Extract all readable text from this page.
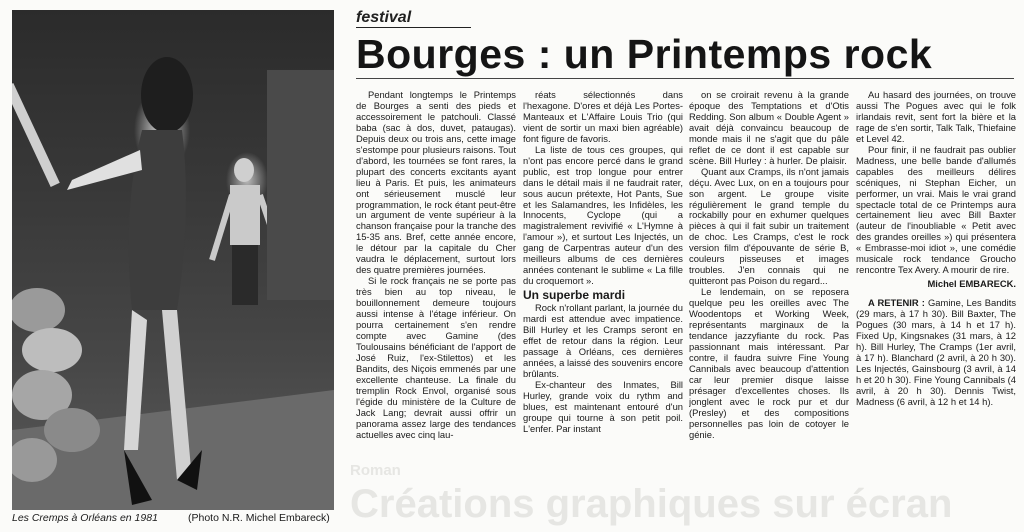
Les Cremps à Orléans en 1981	(Photo N.R. Michel Embareck)
festival
Bourges : un Printemps rock

Pendant longtemps le Printemps de Bourges a senti des pieds et accessoirement le patchouli. Classé baba (sac à dos, duvet, pataugas). Depuis deux ou trois ans, cette image s'estompe pour plusieurs raisons. Tout d'abord, les tournées se font rares, la plupart des concerts excitants ayant lieu à Paris. Et puis, les animateurs ont sérieusement musclé leur programmation, le rock étant peut-être un argument de vente supérieur à la chanson française pour la tranche des 15-35 ans. Bref, cette année encore, le détour par la capitale du Cher vaudra le déplacement, surtout lors des quatre premières journées.

Si le rock français ne se porte pas très bien au top niveau, le bouillonnement demeure toujours aussi intense à l'étage inférieur. On pourra certainement s'en rendre compte avec Gamine (des Toulousains bénéficiant de l'apport de José Ruiz, l'ex-Stilettos) et les Bandits, des Niçois emmenés par une excellente chanteuse. La finale du tremplin Rock Envol, organisé sous l'égide du ministère de la Culture de Jack Lang; devrait aussi offrir un panorama assez large des tendances actuelles avec cinq lau-

réats sélectionnés dans l'hexagone. D'ores et déjà Les Portes-Manteaux et L'Affaire Louis Trio (qui vient de sortir un maxi bien agréable) font figure de favoris.

La liste de tous ces groupes, qui n'ont pas encore percé dans le grand public, est trop longue pour entrer dans le détail mais il ne faudrait rater, sous aucun prétexte, Hot Pants, Sue et les Salamandres, les Infidèles, les Innocents, Cyclope (qui a magistralement revivifié « L'Hymne à l'amour »), et surtout Les Injectés, un gang de Carpentras auteur d'un des meilleurs albums de ces dernières années contenant le sublime « La fille du croquemort ».

Un superbe mardi

Rock n'rollant parlant, la journée du mardi est attendue avec impatience. Bill Hurley et les Cramps seront en effet de retour dans la région. Leur passage à Orléans, ces dernières années, a laissé des souvenirs encore brûlants.

Ex-chanteur des Inmates, Bill Hurley, grande voix du rythm and blues, est maintenant entouré d'un groupe qui tourne à son petit poil. L'enfer. Par instant

on se croirait revenu à la grande époque des Temptations et d'Otis Redding. Son album « Double Agent » avait déjà convaincu beaucoup de monde mais il ne s'agit que du pâle reflet de ce dont il est capable sur scène. Bill Hurley : à hurler. De plaisir.

Quant aux Cramps, ils n'ont jamais déçu. Avec Lux, on en a toujours pour son argent. Le groupe visite régulièrement le grand temple du rockabilly pour en exhumer quelques pièces à qui il fait subir un traitement de choc. Les Cramps, c'est le rock version film d'épouvante de série B, couleurs pisseuses et images troubles. J'en connais qui ne quitteront pas Poison du regard...

Le lendemain, on se reposera quelque peu les oreilles avec The Woodentops et Working Week, représentants marginaux de la tendance jazzyfiante du rock. Pas passionnant mais intéressant. Par contre, il faudra suivre Fine Young Cannibals avec beaucoup d'attention car leur premier disque laisse présager d'excellentes choses. Ils jonglent avec le rock pur et dur (Presley) et des compositions personnelles pas loin de cotoyer le génie.

Au hasard des journées, on trouve aussi The Pogues avec qui le folk irlandais revit, sent fort la bière et la rage de s'en sortir, Talk Talk, Thiefaine et Level 42.

Pour finir, il ne faudrait pas oublier Madness, une belle bande d'allumés capables des meilleurs délires scéniques, ni Stephan Eicher, un performer, un vrai. Mais le vrai grand spectacle total de ce Printemps aura certainement lieu avec Bill Baxter (auteur de l'inoubliable « Petit avec des grandes oreilles ») qui présentera « Embrasse-moi idiot », une comédie musicale rock tendance Groucho rencontre Tex Avery. A mourir de rire.

Michel EMBARECK.

A RETENIR : Gamine, Les Bandits (29 mars, à 17 h 30). Bill Baxter, The Pogues (30 mars, à 14 h et 17 h). Fixed Up, Kingsnakes (31 mars, à 12 h). Bill Hurley, The Cramps (1er avril, à 17 h). Blanchard (2 avril, à 20 h 30). Les Injectés, Gainsbourg (3 avril, à 14 h et 20 h 30). Fine Young Cannibals (4 avril, à 20 h 30). Dennis Twist, Madness (6 avril, à 12 h et 14 h).

Roman
Créations graphiques sur écran
